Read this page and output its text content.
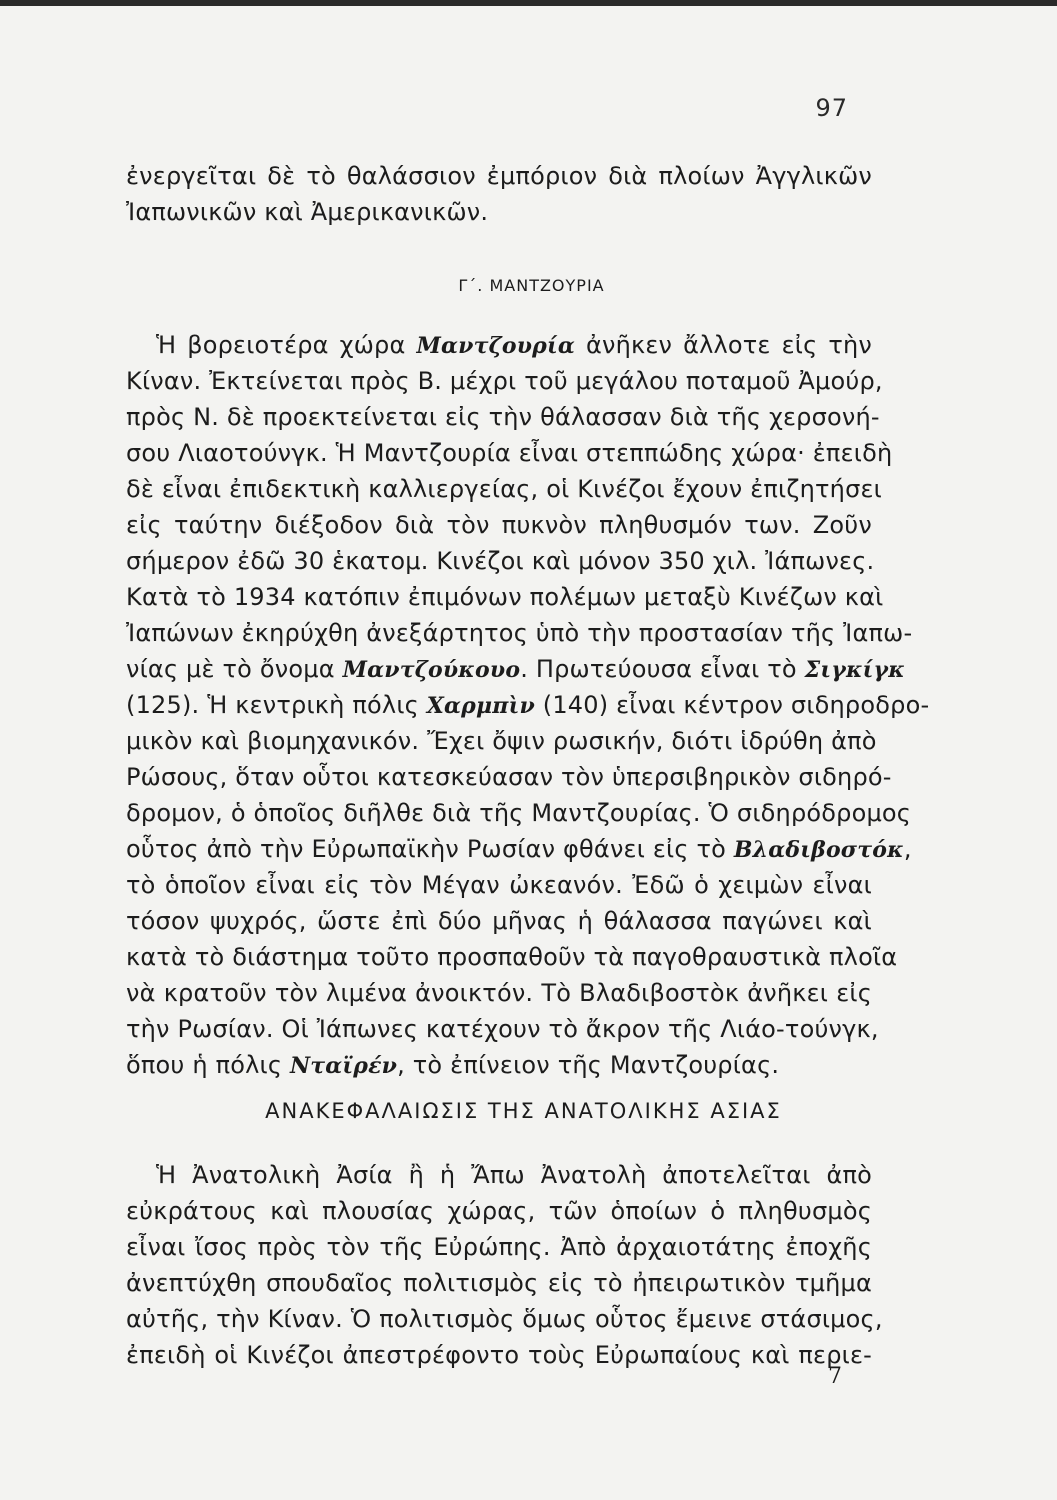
97
ἐνεργεῖται δὲ τὸ θαλάσσιον ἐμπόριον διὰ πλοίων Ἀγγλικῶν
Ἰαπωνικῶν καὶ Ἀμερικανικῶν.
Γ΄. ΜΑΝΤΖΟΥΡΙΑ
Ἡ βορειοτέρα χώρα Μαντζουρία ἀνῆκεν ἄλλοτε εἰς τὴν
Κίναν. Ἐκτείνεται πρὸς Β. μέχρι τοῦ μεγάλου ποταμοῦ Ἀμούρ,
πρὸς Ν. δὲ προεκτείνεται εἰς τὴν θάλασσαν διὰ τῆς χερσονή-
σου Λιαοτούνγκ. Ἡ Μαντζουρία εἶναι στεππώδης χώρα· ἐπειδὴ
δὲ εἶναι ἐπιδεκτικὴ καλλιεργείας, οἱ Κινέζοι ἔχουν ἐπιζητήσει
εἰς ταύτην διέξοδον διὰ τὸν πυκνὸν πληθυσμόν των. Ζοῦν
σήμερον ἐδῶ 30 ἑκατομ. Κινέζοι καὶ μόνον 350 χιλ. Ἰάπωνες.
Κατὰ τὸ 1934 κατόπιν ἐπιμόνων πολέμων μεταξὺ Κινέζων καὶ
Ἰαπώνων ἐκηρύχθη ἀνεξάρτητος ὑπὸ τὴν προστασίαν τῆς Ἰαπω-
νίας μὲ τὸ ὄνομα Μαντζούκουο. Πρωτεύουσα εἶναι τὸ Σιγκίγκ
(125). Ἡ κεντρικὴ πόλις Χαρμπὶν (140) εἶναι κέντρον σιδηροδρο-
μικὸν καὶ βιομηχανικόν. Ἔχει ὄψιν ρωσικήν, διότι ἱδρύθη ἀπὸ
Ρώσους, ὅταν οὗτοι κατεσκεύασαν τὸν ὑπερσιβηρικὸν σιδηρό-
δρομον, ὁ ὁποῖος διῆλθε διὰ τῆς Μαντζουρίας. Ὁ σιδηρόδρομος
οὗτος ἀπὸ τὴν Εὐρωπαϊκὴν Ρωσίαν φθάνει εἰς τὸ Βλαδιβοστόκ,
τὸ ὁποῖον εἶναι εἰς τὸν Μέγαν ὠκεανόν. Ἐδῶ ὁ χειμὼν εἶναι
τόσον ψυχρός, ὥστε ἐπὶ δύο μῆνας ἡ θάλασσα παγώνει καὶ
κατὰ τὸ διάστημα τοῦτο προσπαθοῦν τὰ παγοθραυστικὰ πλοῖα
νὰ κρατοῦν τὸν λιμένα ἀνοικτόν. Τὸ Βλαδιβοστὸκ ἀνῆκει εἰς
τὴν Ρωσίαν. Οἱ Ἰάπωνες κατέχουν τὸ ἄκρον τῆς Λιάο-τούνγκ,
ὅπου ἡ πόλις Νταϊρέν, τὸ ἐπίνειον τῆς Μαντζουρίας.
ΑΝΑΚΕΦΑΛΑΙΩΣΙΣ ΤΗΣ ΑΝΑΤΟΛΙΚΗΣ ΑΣΙΑΣ
Ἡ Ἀνατολικὴ Ἀσία ἢ ἡ Ἄπω Ἀνατολὴ ἀποτελεῖται ἀπὸ
εὐκράτους καὶ πλουσίας χώρας, τῶν ὁποίων ὁ πληθυσμὸς
εἶναι ἴσος πρὸς τὸν τῆς Εὐρώπης. Ἀπὸ ἀρχαιοτάτης ἐποχῆς
ἀνεπτύχθη σπουδαῖος πολιτισμὸς εἰς τὸ ἠπειρωτικὸν τμῆμα
αὐτῆς, τὴν Κίναν. Ὁ πολιτισμὸς ὅμως οὗτος ἔμεινε στάσιμος,
ἐπειδὴ οἱ Κινέζοι ἀπεστρέφοντο τοὺς Εὐρωπαίους καὶ περιε-
7
